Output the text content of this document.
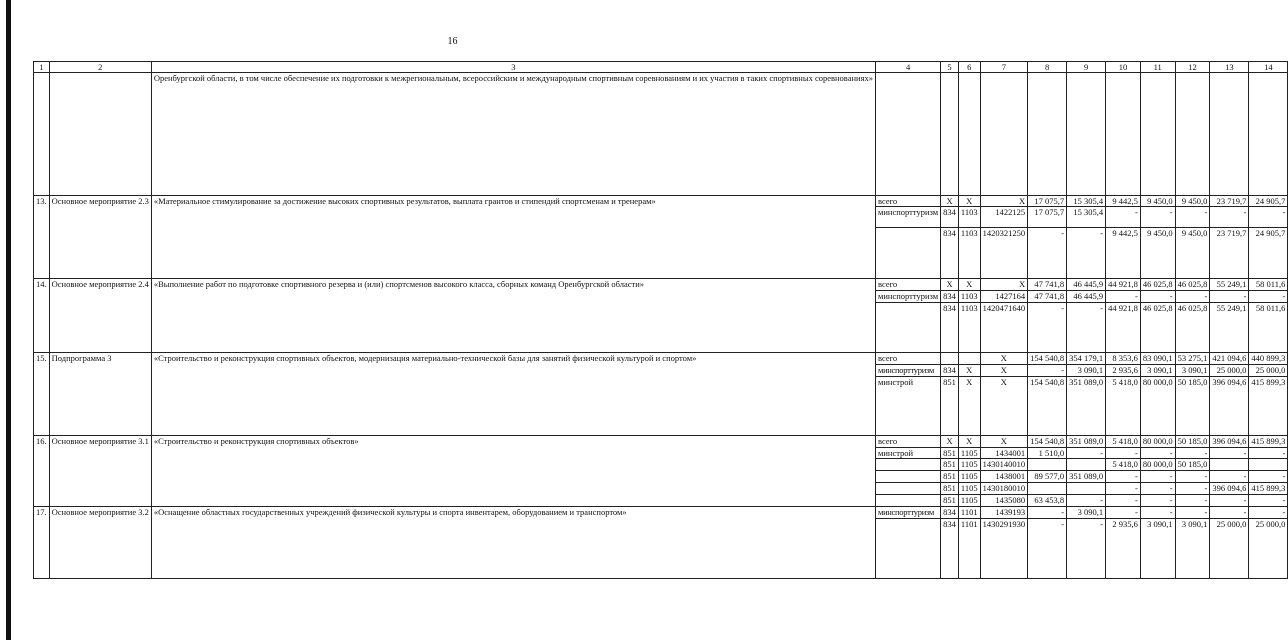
16
1	2	3	4	5	6	7	8	9	10	11	12	13	14
		Оренбургской области, в том числе обеспечение их подготовки к межрегиональным, всероссийским и международным спортивным соревнованиям и их участия в таких спортивных соревнованиях»											
13.	Основное мероприятие 2.3	«Материальное стимулирование за достижение высоких спортивных результатов, выплата грантов и стипендий спортсменам и тренерам»	всего	Х	Х	Х	17 075,7	15 305,4	9 442,5	9 450,0	9 450,0	23 719,7	24 905,7
			минспорттуризм	834	1103	1422125	17 075,7	15 305,4	-	-	-	-	-
				834	1103	1420321250	-	-	9 442,5	9 450,0	9 450,0	23 719,7	24 905,7
14.	Основное мероприятие 2.4	«Выполнение работ по подготовке спортивного резерва и (или) спортсменов высокого класса, сборных команд Оренбургской области»	всего	Х	Х	Х	47 741,8	46 445,9	44 921,8	46 025,8	46 025,8	55 249,1	58 011,6
			минспорттуризм	834	1103	1427164	47 741,8	46 445,9	-	-	-	-	-
				834	1103	1420471640	-	-	44 921,8	46 025,8	46 025,8	55 249,1	58 011,6
15.	Подпрограмма 3	«Строительство и реконструкция спортивных объектов, модернизация материально-технической базы для занятий физической культурой и спортом»	всего			Х	154 540,8	354 179,1	8 353,6	83 090,1	53 275,1	421 094,6	440 899,3
			минспорттуризм	834	Х	Х	-	3 090,1	2 935,6	3 090,1	3 090,1	25 000,0	25 000,0
			минстрой	851	Х	Х	154 540,8	351 089,0	5 418,0	80 000,0	50 185,0	396 094,6	415 899,3
16.	Основное мероприятие 3.1	«Строительство и реконструкция спортивных объектов»	всего	Х	Х	Х	154 540,8	351 089,0	5 418,0	80 000,0	50 185,0	396 094,6	415 899,3
			минстрой	851	1105	1434001	1 510,0	-	-	-	-	-	-
				851	1105	1430140010			5 418,0	80 000,0	50 185,0		
				851	1105	1438001	89 577,0	351 089,0	-	-	-	-	-
				851	1105	1430180010			-	-	-	396 094,6	415 899,3
				851	1105	1435080	63 453,8	-	-	-	-	-	-
17.	Основное мероприятие 3.2	«Оснащение областных государственных учреждений физической культуры и спорта инвентарем, оборудованием и транспортом»	минспорттуризм	834	1101	1439193	-	3 090,1	-	-	-	-	-
				834	1101	1430291930	-	-	2 935,6	3 090,1	3 090,1	25 000,0	25 000,0
